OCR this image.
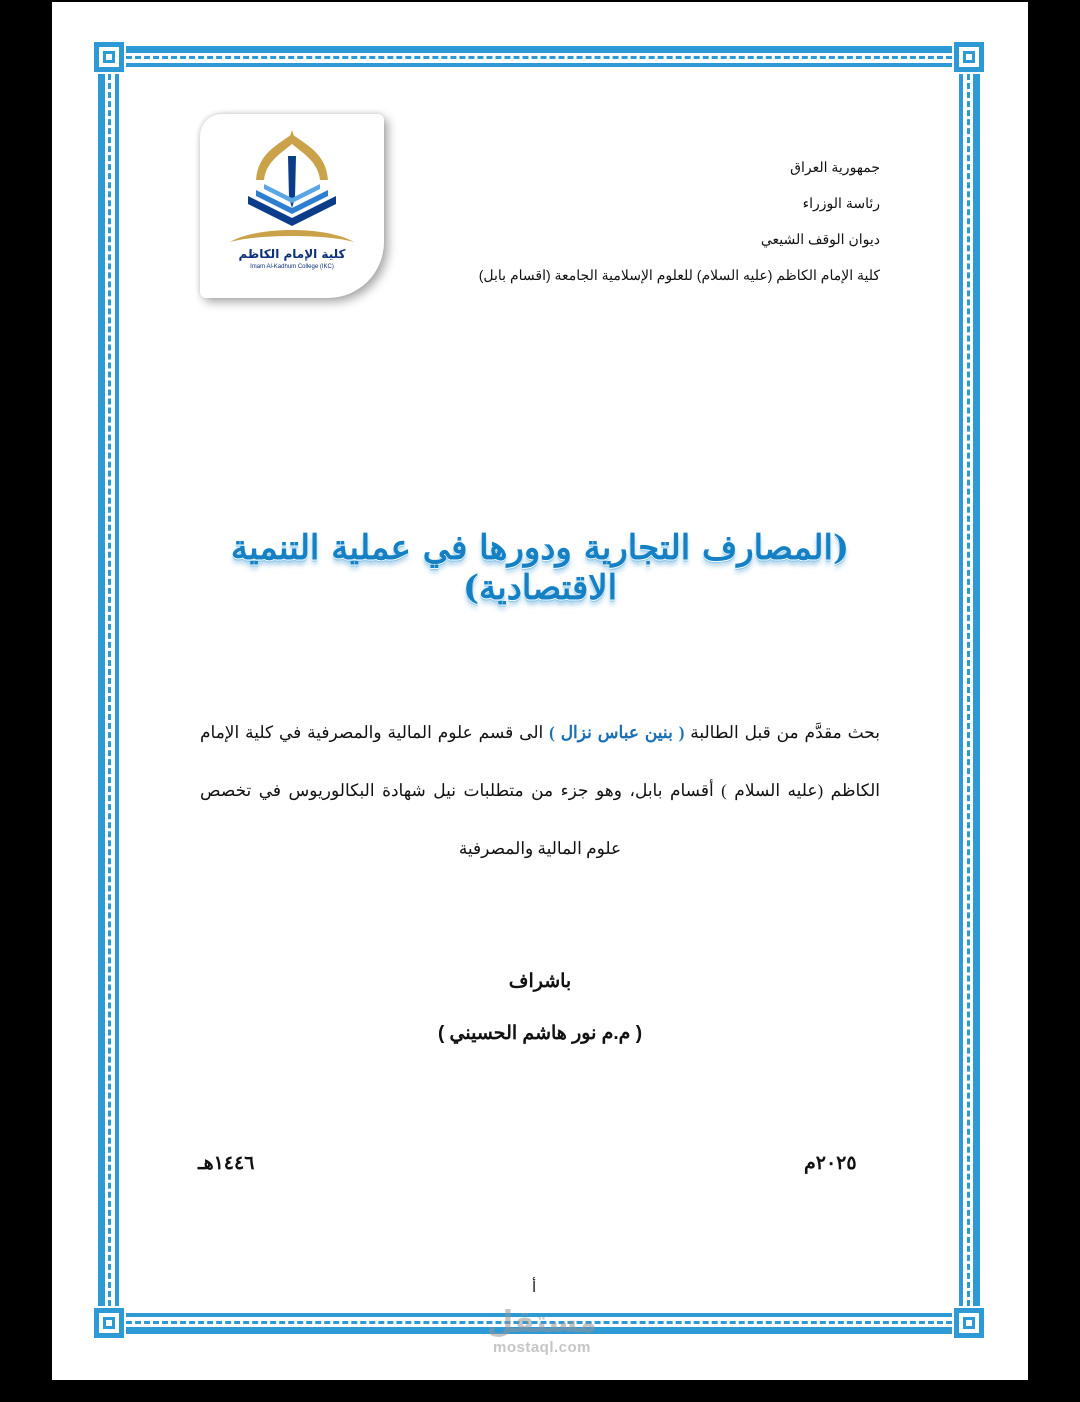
كلية الإمام الكاظم
Imam Al-Kadhum College (IKC)
جمهورية العراق
رئاسة الوزراء
ديوان الوقف الشيعي
كلية الإمام الكاظم (عليه السلام) للعلوم الإسلامية الجامعة (اقسام بابل)
(المصارف التجارية ودورها في عملية التنمية الاقتصادية)
بحث مقدَّم من قبل الطالبة ( بنين عباس نزال ) الى قسم علوم المالية والمصرفية في كلية الإمام
الكاظم (عليه السلام ) أقسام بابل، وهو جزء من متطلبات نيل شهادة البكالوريوس في تخصص
علوم المالية والمصرفية
باشراف
( م.م نور هاشم الحسيني )
٢٠٢٥م
١٤٤٦هـ
أ
مستقل
mostaql.com
